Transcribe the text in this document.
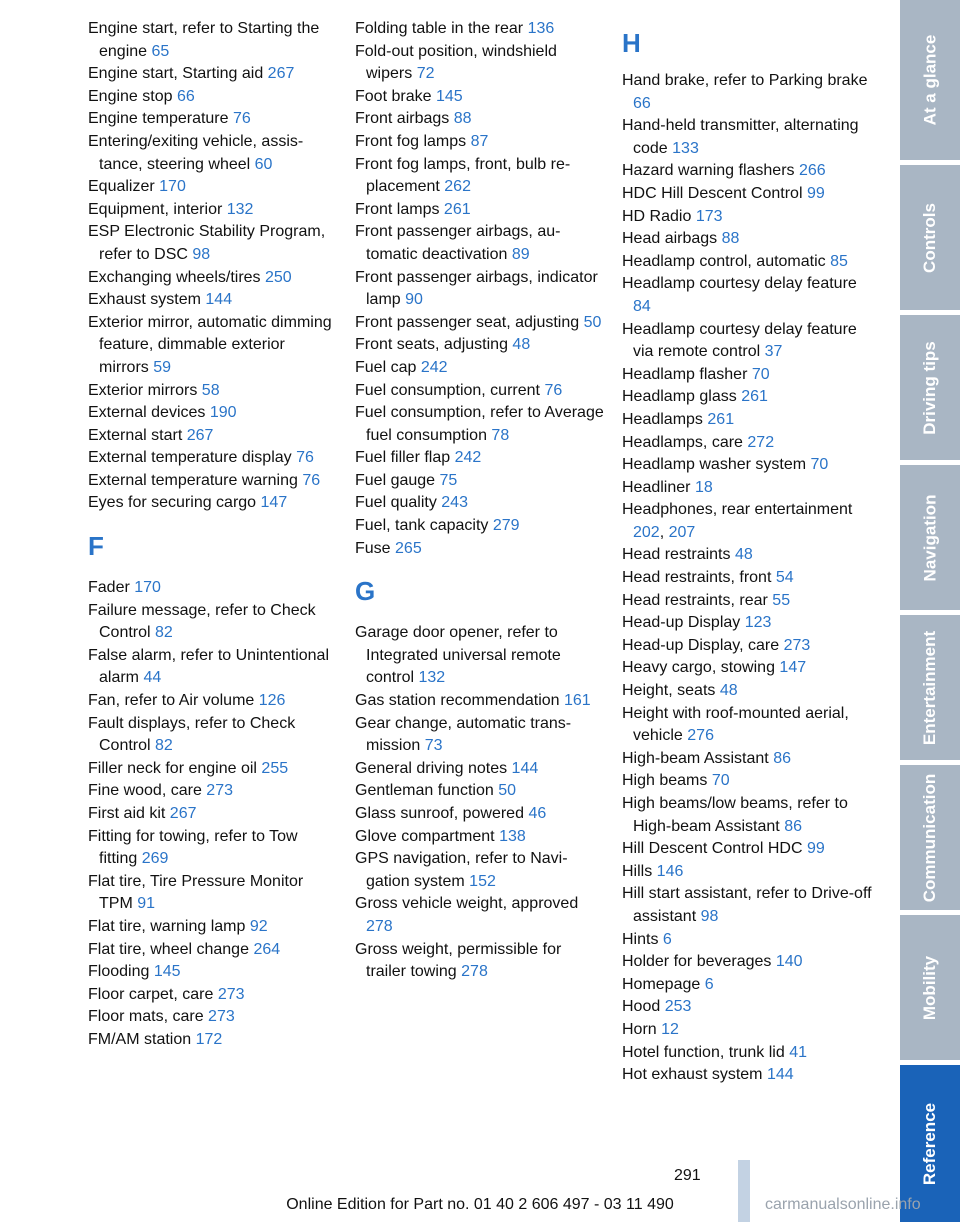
Engine start, refer to Starting the engine 65
Engine start, Starting aid 267
Engine stop 66
Engine temperature 76
Entering/exiting vehicle, assistance, steering wheel 60
Equalizer 170
Equipment, interior 132
ESP Electronic Stability Program, refer to DSC 98
Exchanging wheels/tires 250
Exhaust system 144
Exterior mirror, automatic dimming feature, dimmable exterior mirrors 59
Exterior mirrors 58
External devices 190
External start 267
External temperature display 76
External temperature warning 76
Eyes for securing cargo 147
F
Fader 170
Failure message, refer to Check Control 82
False alarm, refer to Unintentional alarm 44
Fan, refer to Air volume 126
Fault displays, refer to Check Control 82
Filler neck for engine oil 255
Fine wood, care 273
First aid kit 267
Fitting for towing, refer to Tow fitting 269
Flat tire, Tire Pressure Monitor TPM 91
Flat tire, warning lamp 92
Flat tire, wheel change 264
Flooding 145
Floor carpet, care 273
Floor mats, care 273
FM/AM station 172
Folding table in the rear 136
Fold-out position, windshield wipers 72
Foot brake 145
Front airbags 88
Front fog lamps 87
Front fog lamps, front, bulb replacement 262
Front lamps 261
Front passenger airbags, automatic deactivation 89
Front passenger airbags, indicator lamp 90
Front passenger seat, adjusting 50
Front seats, adjusting 48
Fuel cap 242
Fuel consumption, current 76
Fuel consumption, refer to Average fuel consumption 78
Fuel filler flap 242
Fuel gauge 75
Fuel quality 243
Fuel, tank capacity 279
Fuse 265
G
Garage door opener, refer to Integrated universal remote control 132
Gas station recommendation 161
Gear change, automatic transmission 73
General driving notes 144
Gentleman function 50
Glass sunroof, powered 46
Glove compartment 138
GPS navigation, refer to Navigation system 152
Gross vehicle weight, approved 278
Gross weight, permissible for trailer towing 278
H
Hand brake, refer to Parking brake 66
Hand-held transmitter, alternating code 133
Hazard warning flashers 266
HDC Hill Descent Control 99
HD Radio 173
Head airbags 88
Headlamp control, automatic 85
Headlamp courtesy delay feature 84
Headlamp courtesy delay feature via remote control 37
Headlamp flasher 70
Headlamp glass 261
Headlamps 261
Headlamps, care 272
Headlamp washer system 70
Headliner 18
Headphones, rear entertainment 202, 207
Head restraints 48
Head restraints, front 54
Head restraints, rear 55
Head-up Display 123
Head-up Display, care 273
Heavy cargo, stowing 147
Height, seats 48
Height with roof-mounted aerial, vehicle 276
High-beam Assistant 86
High beams 70
High beams/low beams, refer to High-beam Assistant 86
Hill Descent Control HDC 99
Hills 146
Hill start assistant, refer to Drive-off assistant 98
Hints 6
Holder for beverages 140
Homepage 6
Hood 253
Horn 12
Hotel function, trunk lid 41
Hot exhaust system 144
At a glance
Controls
Driving tips
Navigation
Entertainment
Communication
Mobility
Reference
291
Online Edition for Part no. 01 40 2 606 497 - 03 11 490	carmanualsonline.info
